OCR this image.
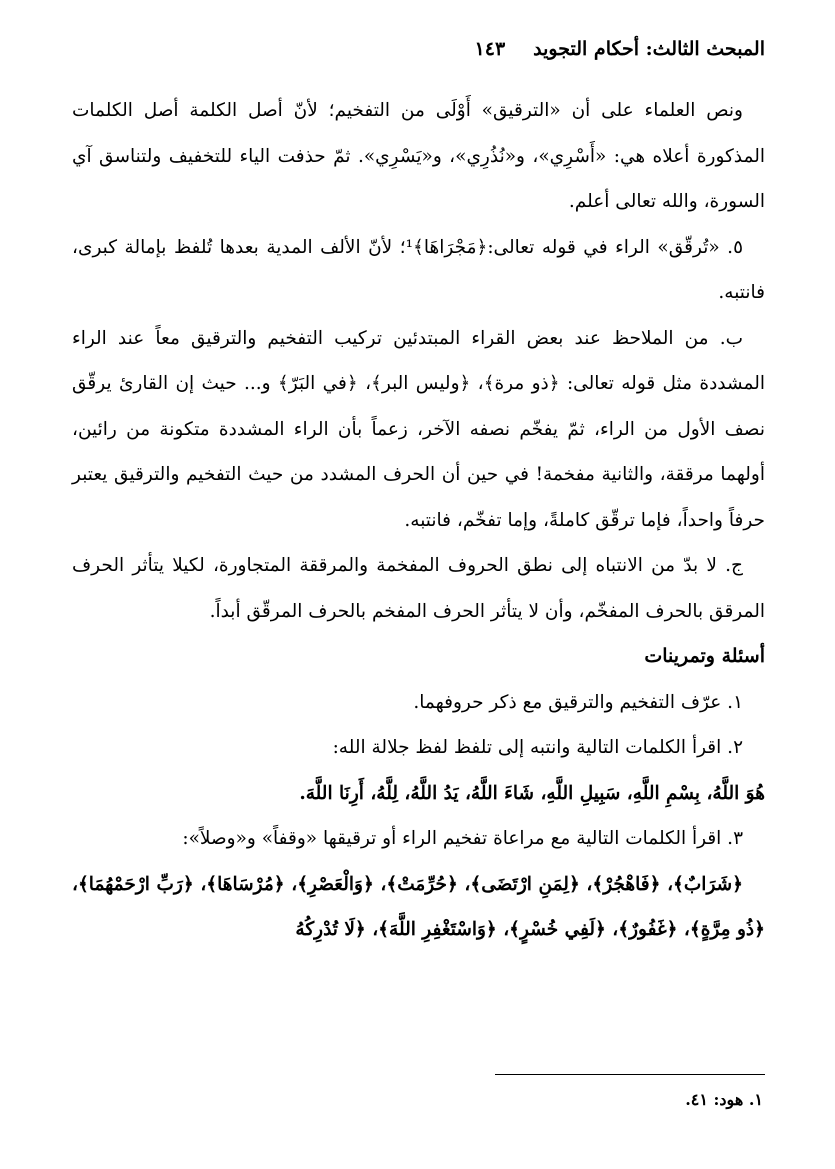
المبحث الثالث: أحكام التجويد
١٤٣

ونص العلماء على أن «الترقيق» أَوْلَى من التفخيم؛ لأنّ أصل الكلمة أصل الكلمات المذكورة أعلاه هي: «أَسْرِي»، و«نُذُرِي»، و«يَسْرِي». ثمّ حذفت الياء للتخفيف ولتناسق آي السورة، والله تعالى أعلم.

٥. «تُرقّق» الراء في قوله تعالى:﴿مَجْرَاهَا﴾¹؛ لأنّ الألف المدية بعدها تُلفظ بإمالة كبرى، فانتبه.

ب. من الملاحظ عند بعض القراء المبتدئين تركيب التفخيم والترقيق معاً عند الراء المشددة مثل قوله تعالى: ﴿ذو مرة﴾، ﴿وليس البر﴾، ﴿في البَرّ﴾ و... حيث إن القارئ يرقّق نصف الأول من الراء، ثمّ يفخّم نصفه الآخر، زعماً بأن الراء المشددة متكونة من رائين، أولهما مرققة، والثانية مفخمة! في حين أن الحرف المشدد من حيث التفخيم والترقيق يعتبر حرفاً واحداً، فإما ترقّق كاملةً، وإما تفخّم، فانتبه.

ج. لا بدّ من الانتباه إلى نطق الحروف المفخمة والمرققة المتجاورة، لكيلا يتأثر الحرف المرقق بالحرف المفخّم، وأن لا يتأثر الحرف المفخم بالحرف المرقّق أبداً.

أسئلة وتمرينات

١. عرّف التفخيم والترقيق مع ذكر حروفهما.

٢. اقرأ الكلمات التالية وانتبه إلى تلفظ لفظ جلالة الله:

هُوَ اللَّهُ، بِسْمِ اللَّهِ، سَبِيلِ اللَّهِ، شَاءَ اللَّهُ، يَدُ اللَّهُ، لِلَّهُ، أَرِنَا اللَّهَ.

٣. اقرأ الكلمات التالية مع مراعاة تفخيم الراء أو ترقيقها «وقفاً» و«وصلاً»:

﴿شَرَابٌ﴾، ﴿فَاهْجُرْ﴾، ﴿لِمَنِ ارْتَضَى﴾، ﴿حُرِّمَتْ﴾، ﴿وَالْعَصْرِ﴾، ﴿مُرْسَاهَا﴾، ﴿رَبِّ ارْحَمْهُمَا﴾، ﴿ذُو مِرَّةٍ﴾، ﴿غَفُورٌ﴾، ﴿لَفِي خُسْرٍ﴾، ﴿وَاسْتَغْفِرِ اللَّهَ﴾، ﴿لَا تُدْرِكُهُ

١. هود: ٤١.
